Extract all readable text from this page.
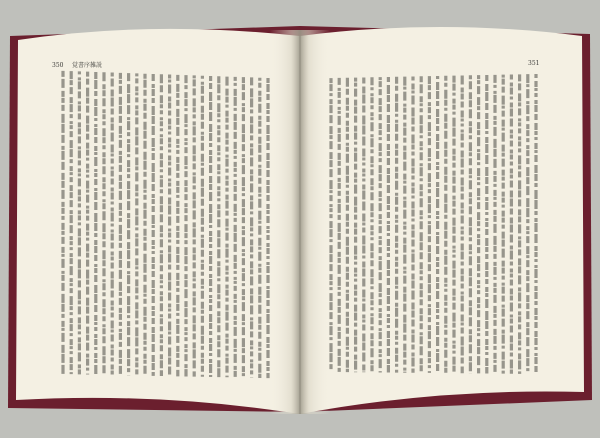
350 覚書序雑説	351
